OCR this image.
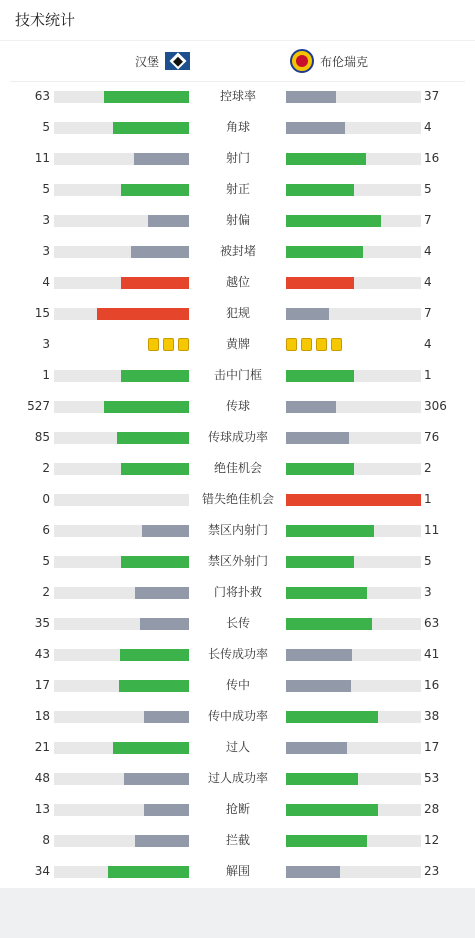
技术统计
汉堡	布伦瑞克
63	控球率	37
5	角球	4
11	射门	16
5	射正	5
3	射偏	7
3	被封堵	4
4	越位	4
15	犯规	7
3	黄牌	4
1	击中门框	1
527	传球	306
85	传球成功率	76
2	绝佳机会	2
0	错失绝佳机会	1
6	禁区内射门	11
5	禁区外射门	5
2	门将扑救	3
35	长传	63
43	长传成功率	41
17	传中	16
18	传中成功率	38
21	过人	17
48	过人成功率	53
13	抢断	28
8	拦截	12
34	解围	23
